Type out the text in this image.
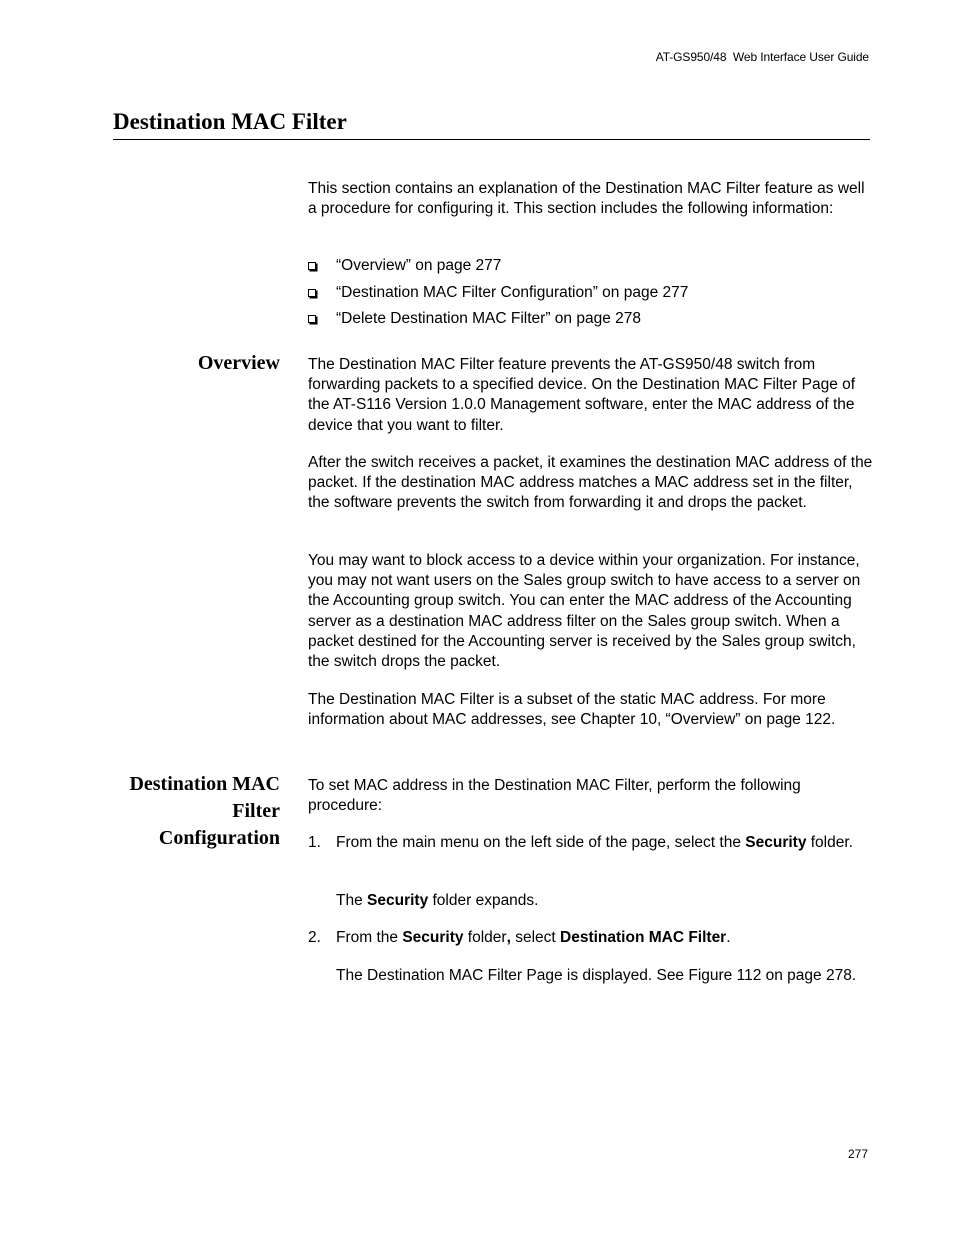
AT-GS950/48  Web Interface User Guide
Destination MAC Filter

This section contains an explanation of the Destination MAC Filter feature as well a procedure for configuring it. This section includes the following information:

“Overview” on page 277
“Destination MAC Filter Configuration” on page 277
“Delete Destination MAC Filter” on page 278
Overview The Destination MAC Filter feature prevents the AT-GS950/48 switch from forwarding packets to a specified device. On the Destination MAC Filter Page of the AT-S116 Version 1.0.0 Management software, enter the MAC address of the device that you want to filter.

After the switch receives a packet, it examines the destination MAC address of the packet. If the destination MAC address matches a MAC address set in the filter, the software prevents the switch from forwarding it and drops the packet.

You may want to block access to a device within your organization. For instance, you may not want users on the Sales group switch to have access to a server on the Accounting group switch. You can enter the MAC address of the Accounting server as a destination MAC address filter on the Sales group switch. When a packet destined for the Accounting server is received by the Sales group switch, the switch drops the packet.

The Destination MAC Filter is a subset of the static MAC address. For more information about MAC addresses, see Chapter 10, “Overview” on page 122.

Destination MAC
Filter
Configuration

To set MAC address in the Destination MAC Filter, perform the following procedure:

1. From the main menu on the left side of the page, select the Security folder.

The Security folder expands.

2. From the Security folder, select Destination MAC Filter.

The Destination MAC Filter Page is displayed. See Figure 112 on page 278.

277
